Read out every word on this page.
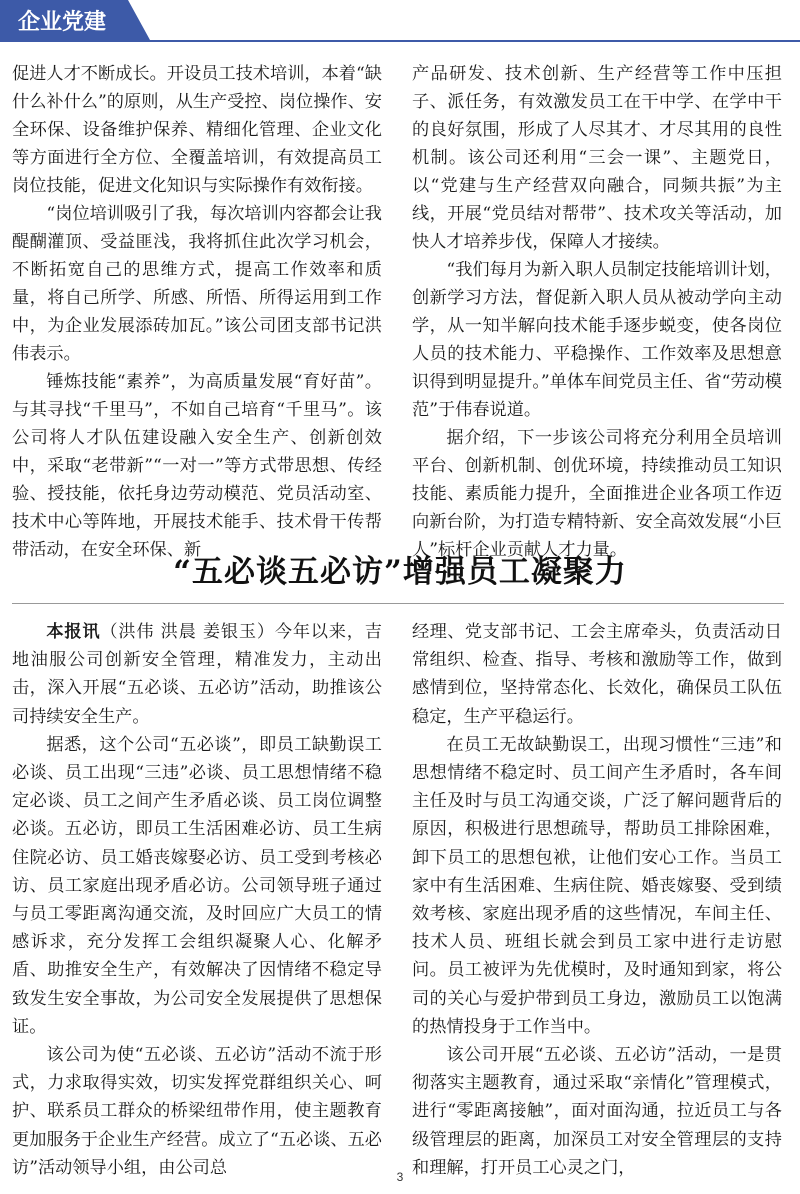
企业党建

促进人才不断成长。开设员工技术培训，本着“缺什么补什么”的原则，从生产受控、岗位操作、安全环保、设备维护保养、精细化管理、企业文化等方面进行全方位、全覆盖培训，有效提高员工岗位技能，促进文化知识与实际操作有效衔接。

“岗位培训吸引了我，每次培训内容都会让我醍醐灌顶、受益匪浅，我将抓住此次学习机会，不断拓宽自己的思维方式，提高工作效率和质量，将自己所学、所感、所悟、所得运用到工作中，为企业发展添砖加瓦。”该公司团支部书记洪伟表示。

锤炼技能“素养”，为高质量发展“育好苗”。与其寻找“千里马”，不如自己培育“千里马”。该公司将人才队伍建设融入安全生产、创新创效中，采取“老带新”“一对一”等方式带思想、传经验、授技能，依托身边劳动模范、党员活动室、技术中心等阵地，开展技术能手、技术骨干传帮带活动，在安全环保、新

产品研发、技术创新、生产经营等工作中压担子、派任务，有效激发员工在干中学、在学中干的良好氛围，形成了人尽其才、才尽其用的良性机制。该公司还利用“三会一课”、主题党日，以“党建与生产经营双向融合，同频共振”为主线，开展“党员结对帮带”、技术攻关等活动，加快人才培养步伐，保障人才接续。

“我们每月为新入职人员制定技能培训计划，创新学习方法，督促新入职人员从被动学向主动学，从一知半解向技术能手逐步蜕变，使各岗位人员的技术能力、平稳操作、工作效率及思想意识得到明显提升。”单体车间党员主任、省“劳动模范”于伟春说道。

据介绍，下一步该公司将充分利用全员培训平台、创新机制、创优环境，持续推动员工知识技能、素质能力提升，全面推进企业各项工作迈向新台阶，为打造专精特新、安全高效发展“小巨人”标杆企业贡献人才力量。

“五必谈五必访”增强员工凝聚力

本报讯（洪伟 洪晨 姜银玉）今年以来，吉地油服公司创新安全管理，精准发力，主动出击，深入开展“五必谈、五必访”活动，助推该公司持续安全生产。

据悉，这个公司“五必谈”，即员工缺勤误工必谈、员工出现“三违”必谈、员工思想情绪不稳定必谈、员工之间产生矛盾必谈、员工岗位调整必谈。五必访，即员工生活困难必访、员工生病住院必访、员工婚丧嫁娶必访、员工受到考核必访、员工家庭出现矛盾必访。公司领导班子通过与员工零距离沟通交流，及时回应广大员工的情感诉求，充分发挥工会组织凝聚人心、化解矛盾、助推安全生产，有效解决了因情绪不稳定导致发生安全事故，为公司安全发展提供了思想保证。

该公司为使“五必谈、五必访”活动不流于形式，力求取得实效，切实发挥党群组织关心、呵护、联系员工群众的桥梁纽带作用，使主题教育更加服务于企业生产经营。成立了“五必谈、五必访”活动领导小组，由公司总

经理、党支部书记、工会主席牵头，负责活动日常组织、检查、指导、考核和激励等工作，做到感情到位，坚持常态化、长效化，确保员工队伍稳定，生产平稳运行。

在员工无故缺勤误工，出现习惯性“三违”和思想情绪不稳定时、员工间产生矛盾时，各车间主任及时与员工沟通交谈，广泛了解问题背后的原因，积极进行思想疏导，帮助员工排除困难，卸下员工的思想包袱，让他们安心工作。当员工家中有生活困难、生病住院、婚丧嫁娶、受到绩效考核、家庭出现矛盾的这些情况，车间主任、技术人员、班组长就会到员工家中进行走访慰问。员工被评为先优模时，及时通知到家，将公司的关心与爱护带到员工身边，激励员工以饱满的热情投身于工作当中。

该公司开展“五必谈、五必访”活动，一是贯彻落实主题教育，通过采取“亲情化”管理模式，进行“零距离接触”，面对面沟通，拉近员工与各级管理层的距离，加深员工对安全管理层的支持和理解，打开员工心灵之门，

3
